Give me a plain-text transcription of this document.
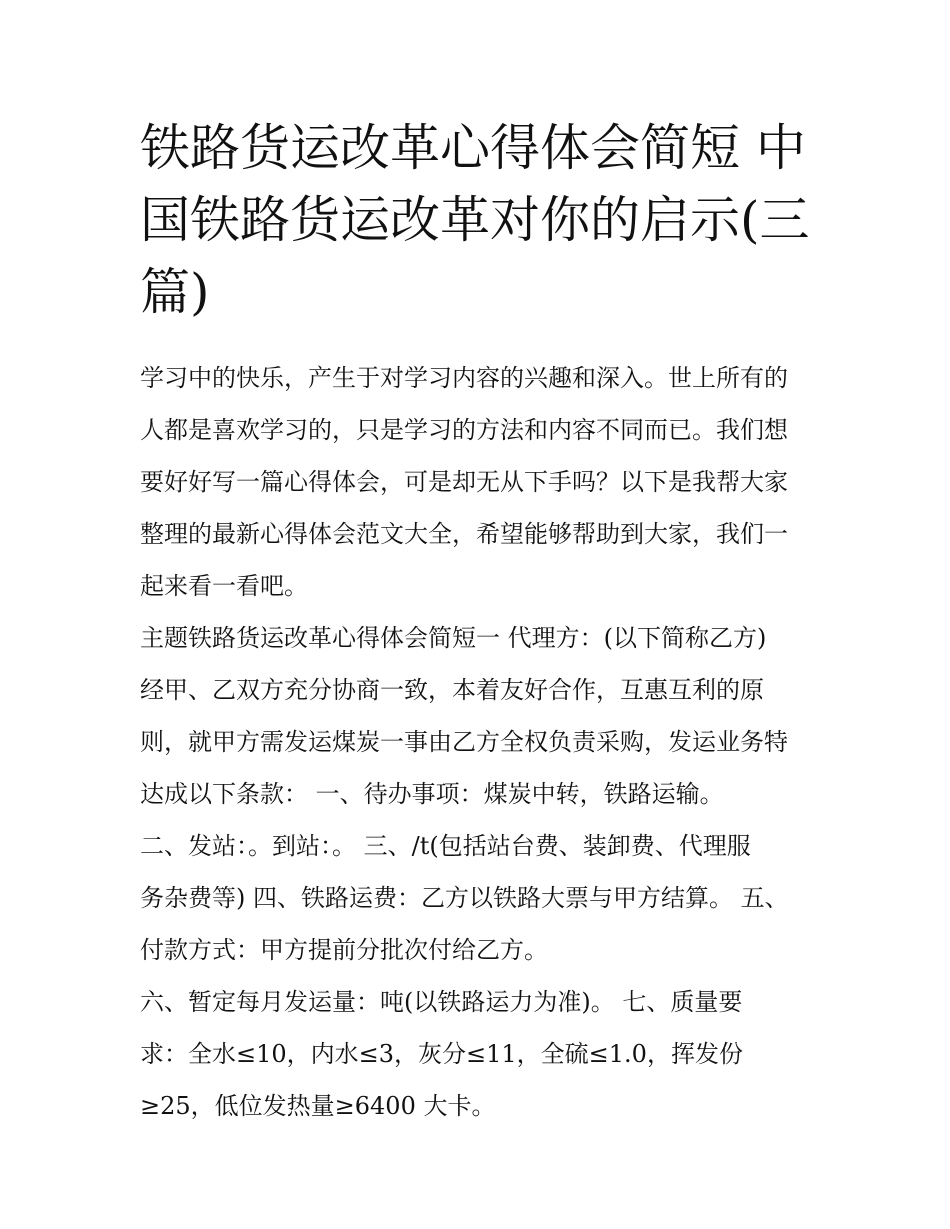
铁路货运改革心得体会简短 中
国铁路货运改革对你的启示(三
篇)

学习中的快乐，产生于对学习内容的兴趣和深入。世上所有的
人都是喜欢学习的，只是学习的方法和内容不同而已。我们想
要好好写一篇心得体会，可是却无从下手吗？以下是我帮大家
整理的最新心得体会范文大全，希望能够帮助到大家，我们一
起来看一看吧。

主题铁路货运改革心得体会简短一 代理方：(以下简称乙方)
经甲、乙双方充分协商一致，本着友好合作，互惠互利的原
则，就甲方需发运煤炭一事由乙方全权负责采购，发运业务特
达成以下条款： 一、待办事项：煤炭中转，铁路运输。

二、发站：。到站：。 三、/t(包括站台费、装卸费、代理服
务杂费等) 四、铁路运费：乙方以铁路大票与甲方结算。 五、
付款方式：甲方提前分批次付给乙方。

六、暂定每月发运量：吨(以铁路运力为准)。 七、质量要
求：全水≤10，内水≤3，灰分≤11，全硫≤1.0，挥发份
≥25，低位发热量≥6400 大卡。
